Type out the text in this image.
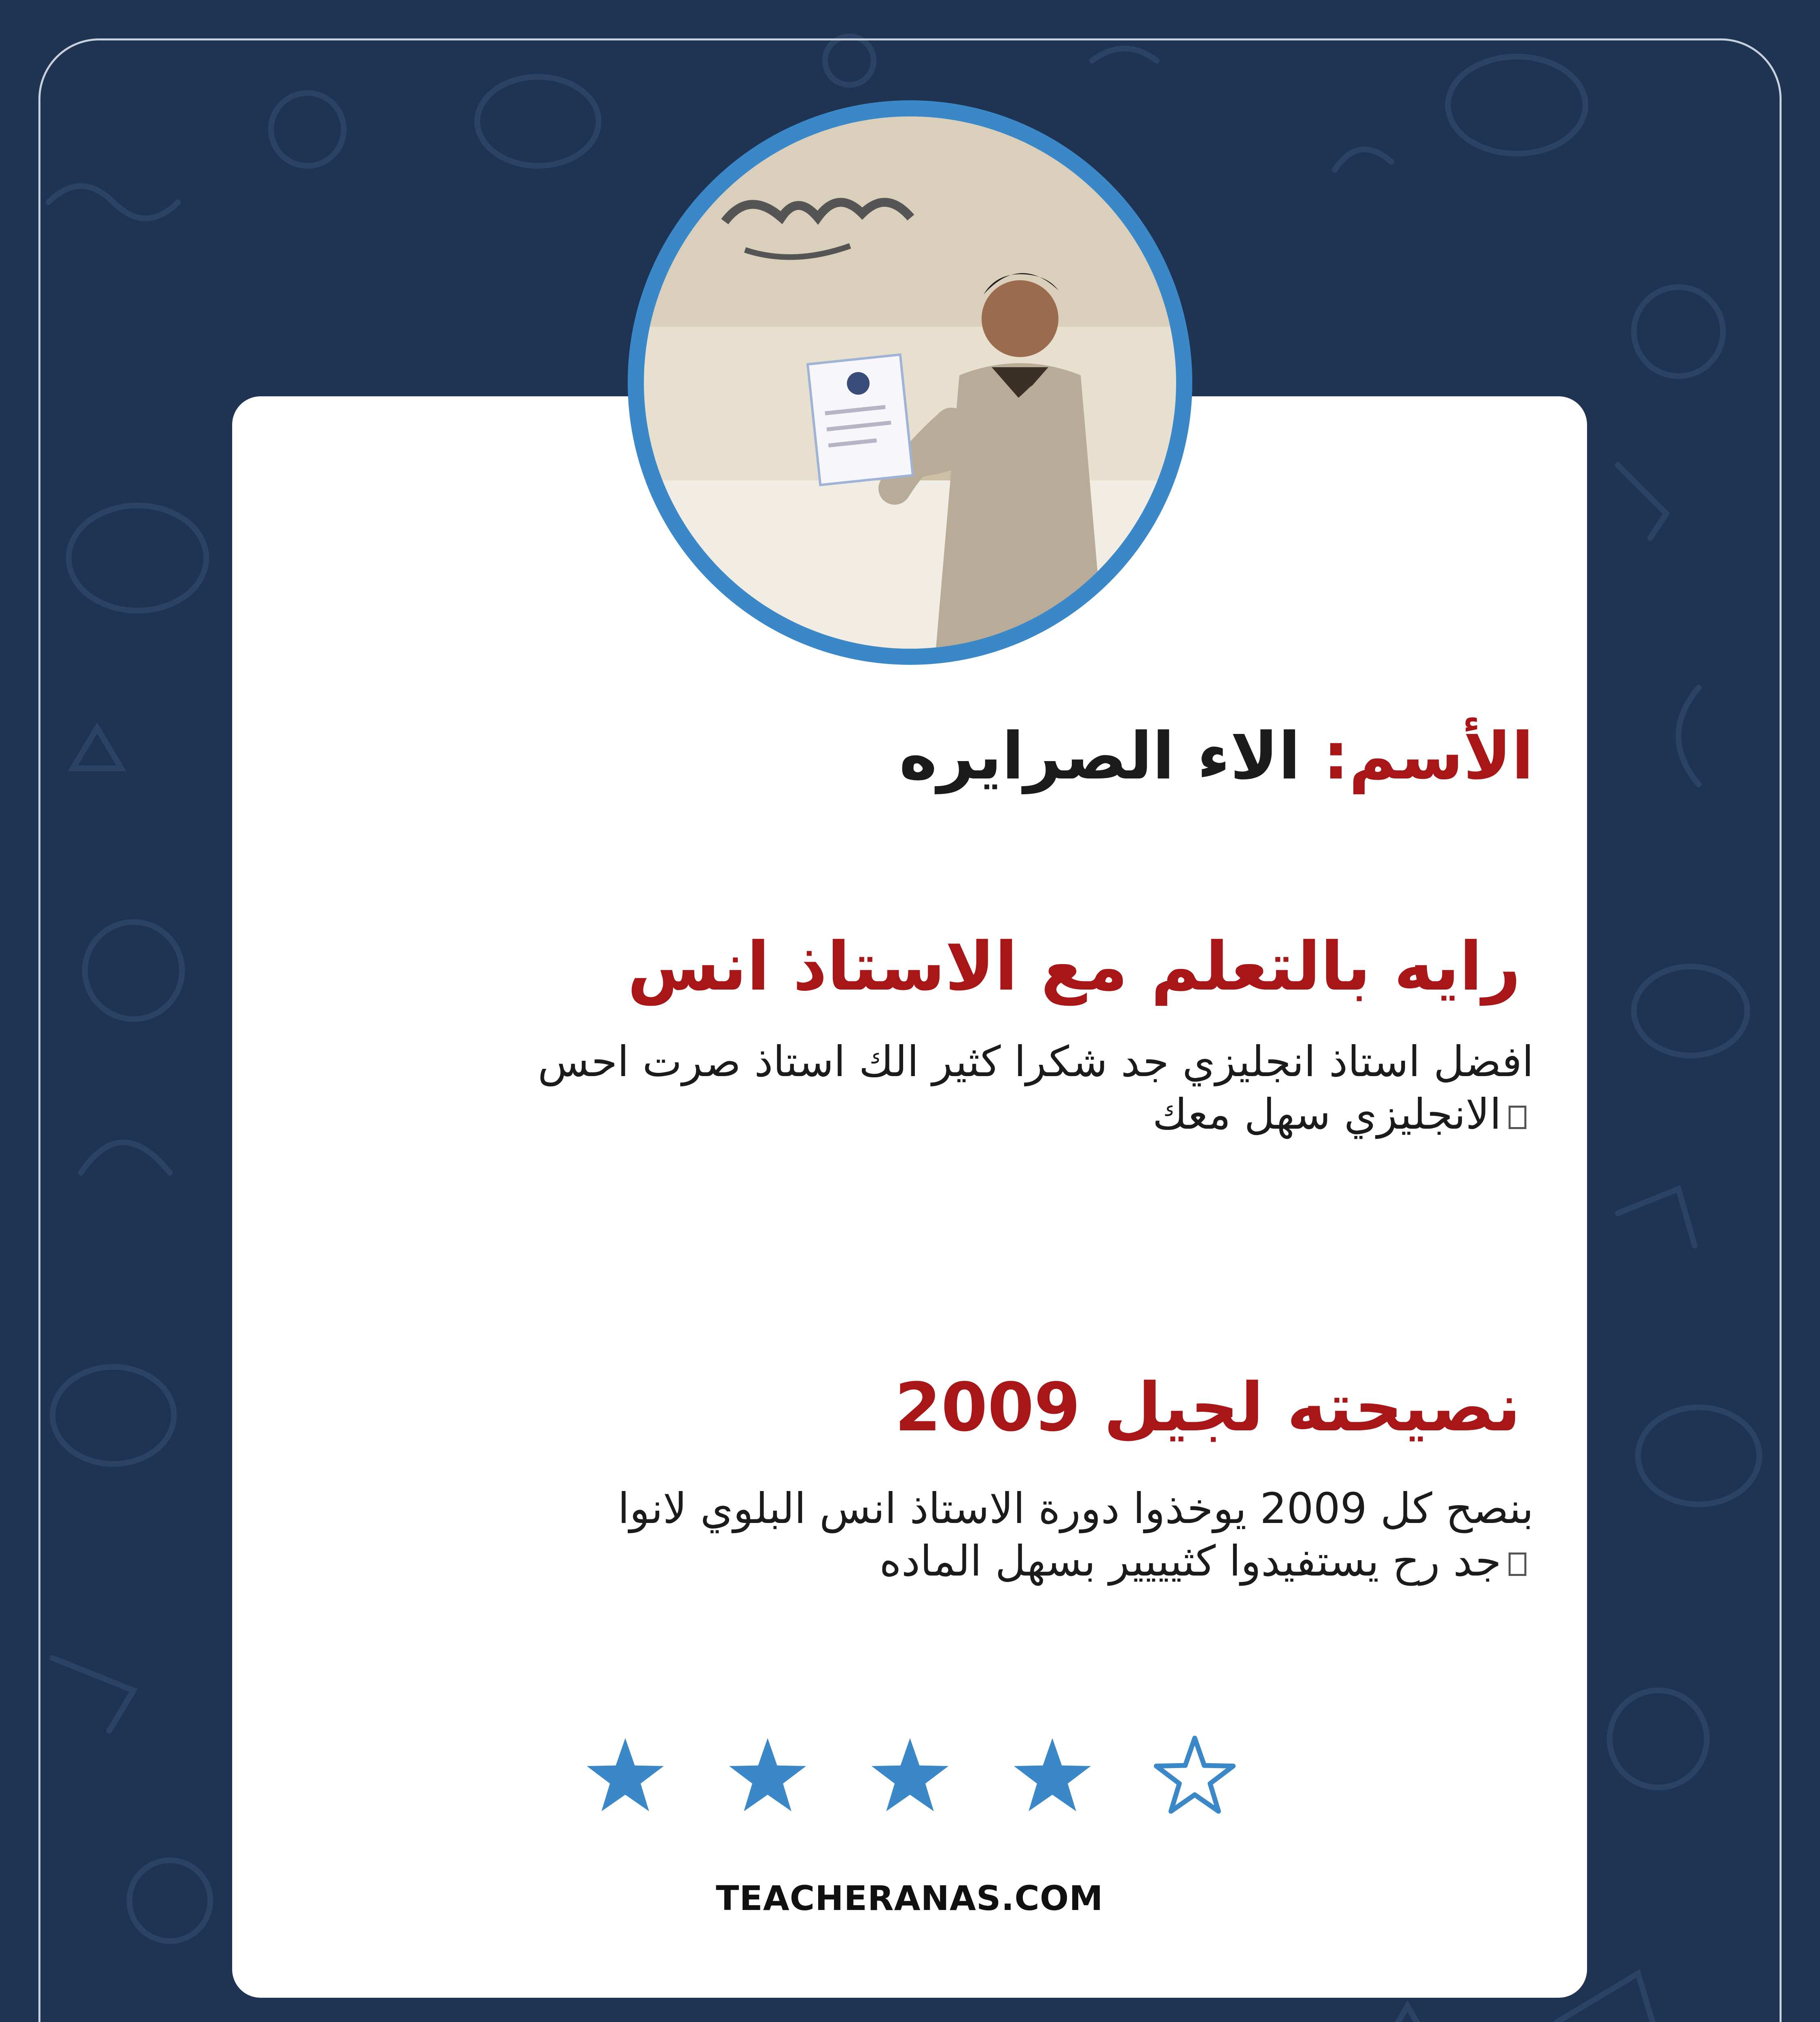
الأسم: الاء الصرايره
رايه بالتعلم مع الاستاذ انس
افضل استاذ انجليزي جد شكرا كثير الك استاذ صرت احس
الانجليزي سهل معك
نصيحته لجيل 2009
بنصح كل 2009 يوخذوا دورة الاستاذ انس البلوي لانوا
جد رح يستفيدوا كثيييير بسهل الماده
TEACHERANAS.COM
